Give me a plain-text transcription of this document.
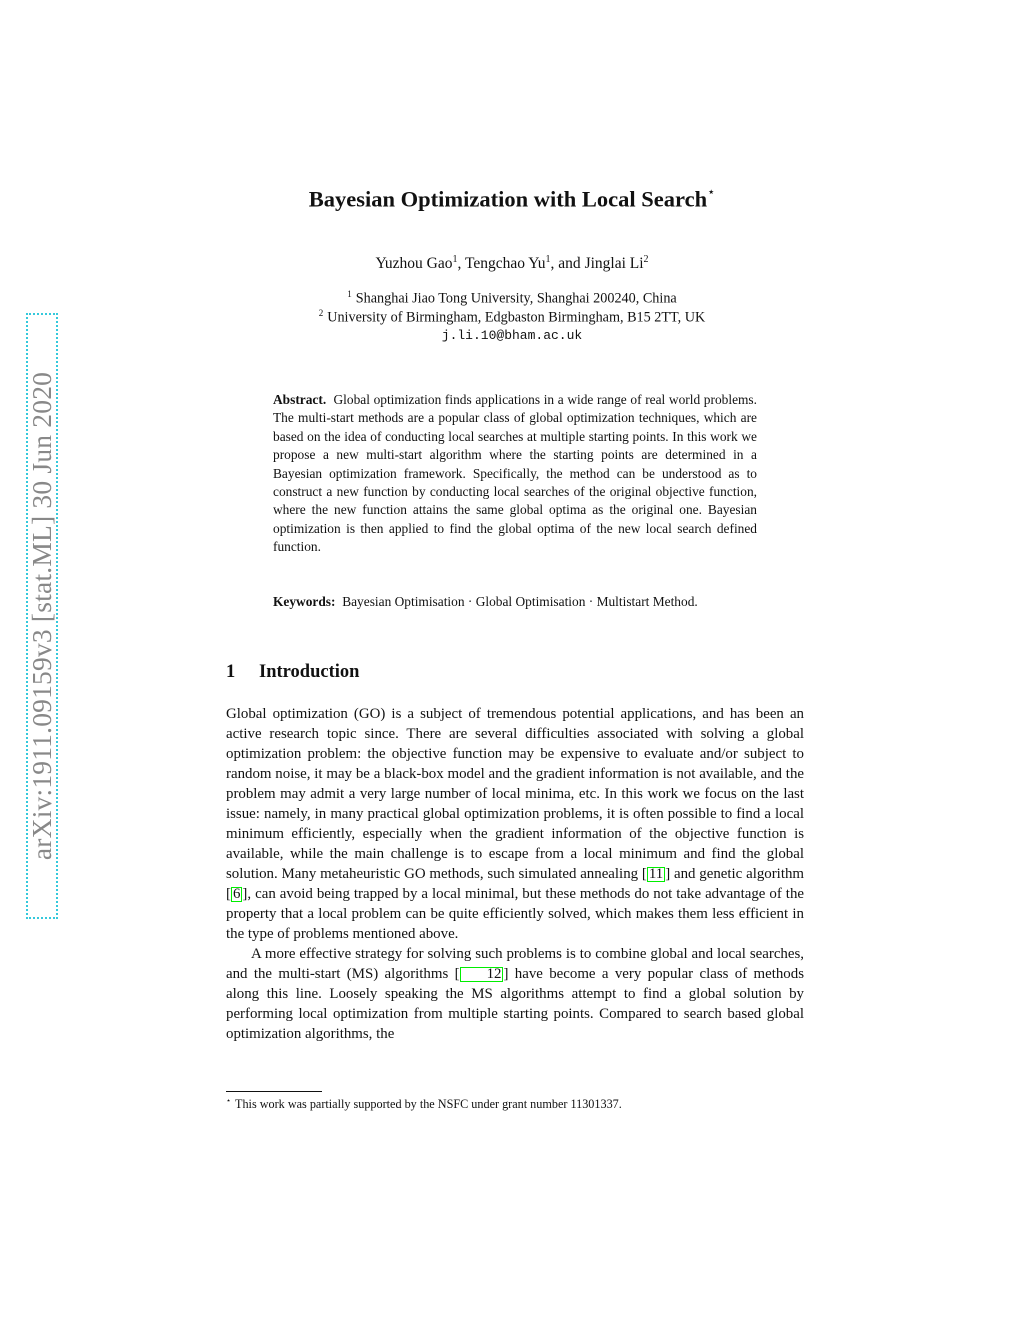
arXiv:1911.09159v3 [stat.ML] 30 Jun 2020
Bayesian Optimization with Local Search⋆
Yuzhou Gao$^1$, Tengchao Yu$^1$, and Jinglai Li$^2$
$^1$ Shanghai Jiao Tong University, Shanghai 200240, China
$^2$ University of Birmingham, Edgbaston Birmingham, B15 2TT, UK
j.li.10@bham.ac.uk
Abstract. Global optimization finds applications in a wide range of real world problems. The multi-start methods are a popular class of global optimization techniques, which are based on the idea of conducting local searches at multiple starting points. In this work we propose a new multi-start algorithm where the starting points are determined in a Bayesian optimization framework. Specifically, the method can be understood as to construct a new function by conducting local searches of the original objective function, where the new function attains the same global optima as the original one. Bayesian optimization is then applied to find the global optima of the new local search defined function.
Keywords: Bayesian Optimisation · Global Optimisation · Multistart Method.
1 Introduction

Global optimization (GO) is a subject of tremendous potential applications, and has been an active research topic since. There are several difficulties associated with solving a global optimization problem: the objective function may be expensive to evaluate and/or subject to random noise, it may be a black-box model and the gradient information is not available, and the problem may admit a very large number of local minima, etc. In this work we focus on the last issue: namely, in many practical global optimization problems, it is often possible to find a local minimum efficiently, especially when the gradient information of the objective function is available, while the main challenge is to escape from a local minimum and find the global solution. Many metaheuristic GO methods, such simulated annealing [ 11 ] and genetic algorithm [ 6 ], can avoid being trapped by a local minimal, but these methods do not take advantage of the property that a local problem can be quite efficiently solved, which makes them less efficient in the type of problems mentioned above.

A more effective strategy for solving such problems is to combine global and local searches, and the multi-start (MS) algorithms [ 12 ] have become a very popular class of methods along this line. Loosely speaking the MS algorithms attempt to find a global solution by performing local optimization from multiple starting points. Compared to search based global optimization algorithms, the

⋆ This work was partially supported by the NSFC under grant number 11301337.
